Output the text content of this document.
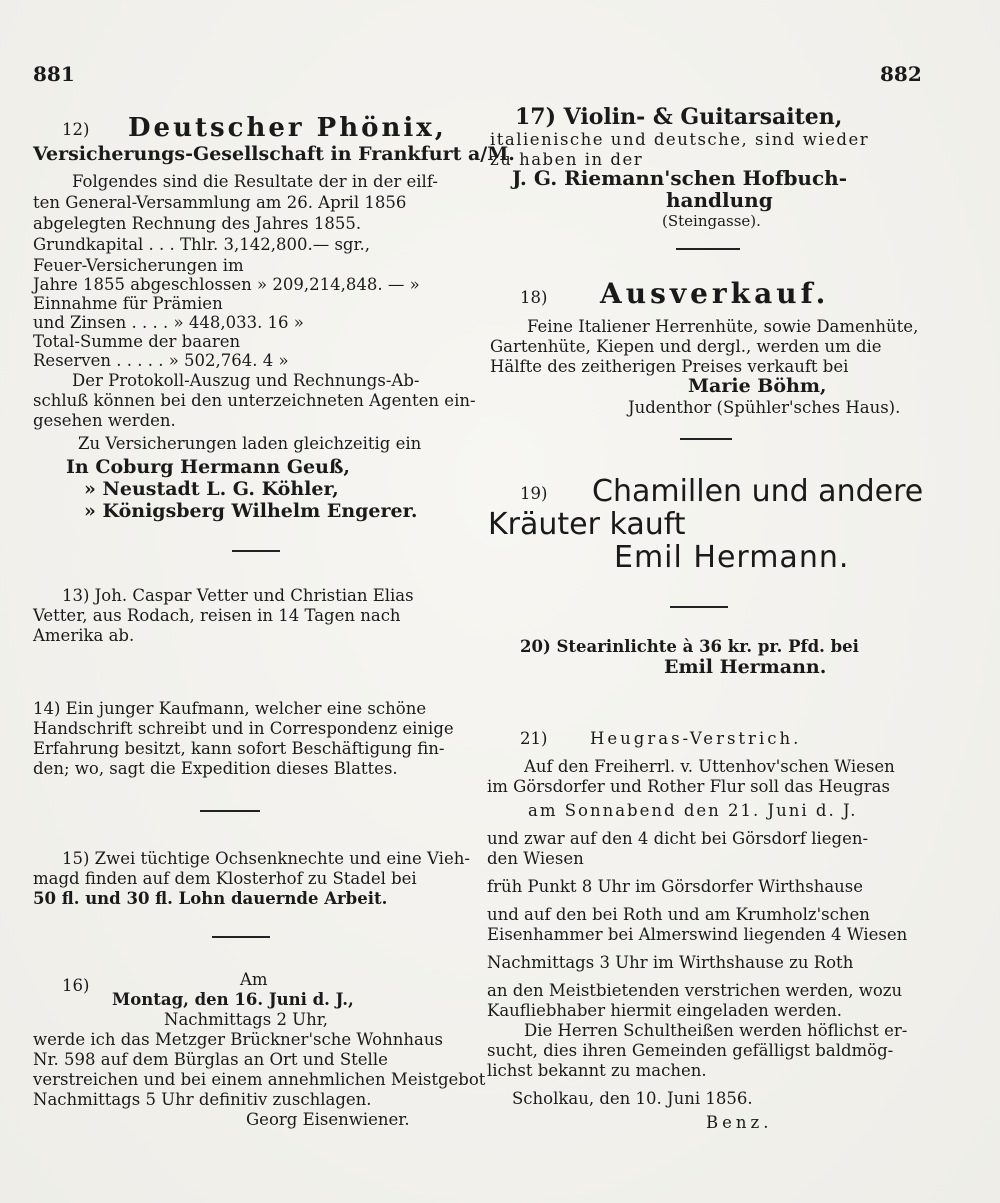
881	882
12) Deutscher Phönix,
Versicherungs-Gesellschaft in Frankfurt a/M.
Folgendes sind die Resultate der in der eilf-
ten General-Versammlung am 26. April 1856
abgelegten Rechnung des Jahres 1855.
Grundkapital . . . Thlr. 3,142,800.— sgr.,
Feuer-Versicherungen im
Jahre 1855 abgeschlossen » 209,214,848. — »
Einnahme für Prämien
und Zinsen . . . . » 448,033. 16 »
Total-Summe der baaren
Reserven . . . . . » 502,764. 4 »
Der Protokoll-Auszug und Rechnungs-Ab-
schluß können bei den unterzeichneten Agenten ein-
gesehen werden.
Zu Versicherungen laden gleichzeitig ein
In Coburg Hermann Geuß,
» Neustadt L. G. Köhler,
» Königsberg Wilhelm Engerer.
13) Joh. Caspar Vetter und Christian Elias
Vetter, aus Rodach, reisen in 14 Tagen nach
Amerika ab.
14) Ein junger Kaufmann, welcher eine schöne
Handschrift schreibt und in Correspondenz einige
Erfahrung besitzt, kann sofort Beschäftigung fin-
den; wo, sagt die Expedition dieses Blattes.
15) Zwei tüchtige Ochsenknechte und eine Vieh-
magd finden auf dem Klosterhof zu Stadel bei
50 fl. und 30 fl. Lohn dauernde Arbeit.
16)	Am
Montag, den 16. Juni d. J.,
Nachmittags 2 Uhr,
werde ich das Metzger Brückner'sche Wohnhaus
Nr. 598 auf dem Bürglas an Ort und Stelle
verstreichen und bei einem annehmlichen Meistgebot
Nachmittags 5 Uhr definitiv zuschlagen.
Georg Eisenwiener.
17) Violin- & Guitarsaiten,
italienische und deutsche, sind wieder
zu haben in der
J. G. Riemann'schen Hofbuch-
handlung
(Steingasse).
18) Ausverkauf.
Feine Italiener Herrenhüte, sowie Damenhüte,
Gartenhüte, Kiepen und dergl., werden um die
Hälfte des zeitherigen Preises verkauft bei
Marie Böhm,
Judenthor (Spühler'sches Haus).
19) Chamillen und andere
Kräuter kauft
Emil Hermann.
20) Stearinlichte à 36 kr. pr. Pfd. bei
Emil Hermann.
21)	Heugras-Verstrich.
Auf den Freiherrl. v. Uttenhov'schen Wiesen
im Görsdorfer und Rother Flur soll das Heugras
am Sonnabend den 21. Juni d. J.
und zwar auf den 4 dicht bei Görsdorf liegen-
den Wiesen
früh Punkt 8 Uhr im Görsdorfer Wirthshause
und auf den bei Roth und am Krumholz'schen
Eisenhammer bei Almerswind liegenden 4 Wiesen
Nachmittags 3 Uhr im Wirthshause zu Roth
an den Meistbietenden verstrichen werden, wozu
Kaufliebhaber hiermit eingeladen werden.
Die Herren Schultheißen werden höflichst er-
sucht, dies ihren Gemeinden gefälligst baldmög-
lichst bekannt zu machen.
Scholkau, den 10. Juni 1856.
Benz.
